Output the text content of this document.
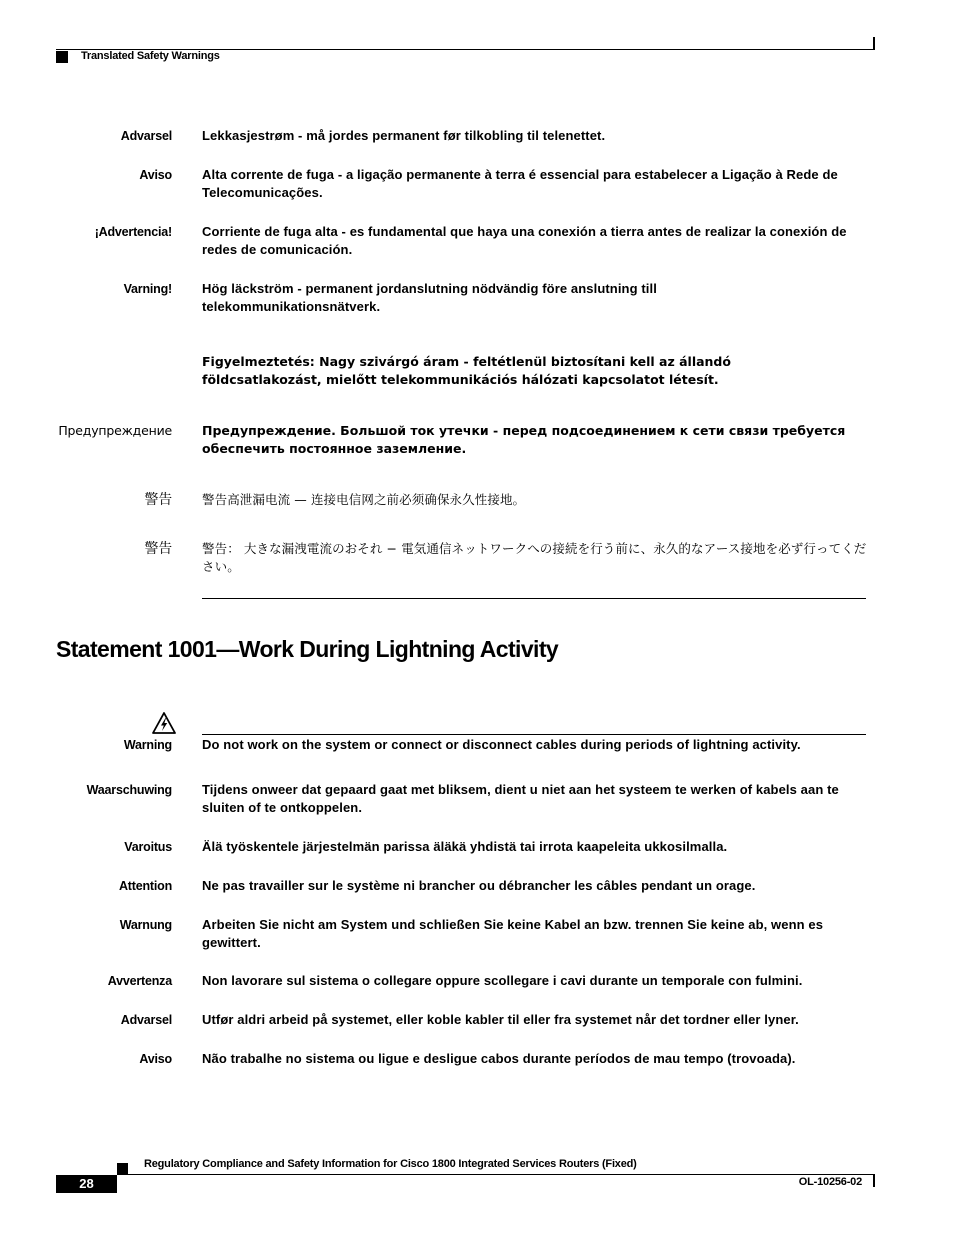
Translated Safety Warnings
Advarsel Lekkasjestrøm - må jordes permanent før tilkobling til telenettet.
Aviso Alta corrente de fuga - a ligação permanente à terra é essencial para estabelecer a Ligação à Rede de Telecomunicações.
¡Advertencia! Corriente de fuga alta - es fundamental que haya una conexión a tierra antes de realizar la conexión de redes de comunicación.
Varning! Hög läckström - permanent jordanslutning nödvändig före anslutning till telekommunikationsnätverk.
Figyelmeztetés: Nagy szivárgó áram - feltétlenül biztosítani kell az állandó földcsatlakozást, mielőtt telekommunikációs hálózati kapcsolatot létesít.
Предупреждение Предупреждение. Большой ток утечки - перед подсоединением к сети связи требуется обеспечить постоянное заземление.
警告 警告高泄漏电流 — 连接电信网之前必须确保永久性接地。
警告 警告： 大きな漏洩電流のおそれ − 電気通信ネットワークへの接続を行う前に、永久的なアース接地を必ず行ってください。
Statement 1001—Work During Lightning Activity
Warning Do not work on the system or connect or disconnect cables during periods of lightning activity.
Waarschuwing Tijdens onweer dat gepaard gaat met bliksem, dient u niet aan het systeem te werken of kabels aan te sluiten of te ontkoppelen.
Varoitus Älä työskentele järjestelmän parissa äläkä yhdistä tai irrota kaapeleita ukkosilmalla.
Attention Ne pas travailler sur le système ni brancher ou débrancher les câbles pendant un orage.
Warnung Arbeiten Sie nicht am System und schließen Sie keine Kabel an bzw. trennen Sie keine ab, wenn es gewittert.
Avvertenza Non lavorare sul sistema o collegare oppure scollegare i cavi durante un temporale con fulmini.
Advarsel Utfør aldri arbeid på systemet, eller koble kabler til eller fra systemet når det tordner eller lyner.
Aviso Não trabalhe no sistema ou ligue e desligue cabos durante períodos de mau tempo (trovoada).
Regulatory Compliance and Safety Information for Cisco 1800 Integrated Services Routers (Fixed)
28	OL-10256-02
